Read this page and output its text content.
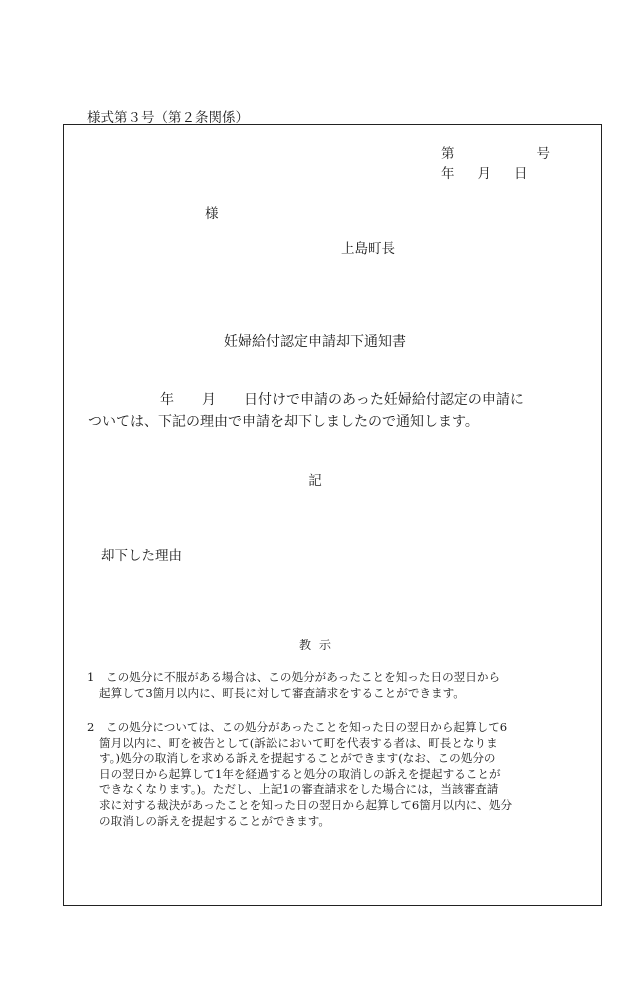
様式第３号（第２条関係）
第	号
年 月 日
様
上島町長
妊婦給付認定申請却下通知書
年 月 日付けで申請のあった妊婦給付認定の申請に
ついては、下記の理由で申請を却下しましたので通知します。
記
却下した理由
教示
1　この処分に不服がある場合は、この処分があったことを知った日の翌日から
起算して3箇月以内に、町長に対して審査請求をすることができます。
2　この処分については、この処分があったことを知った日の翌日から起算して6
箇月以内に、町を被告として(訴訟において町を代表する者は、町長となりま
す。)処分の取消しを求める訴えを提起することができます(なお、この処分の
日の翌日から起算して1年を経過すると処分の取消しの訴えを提起することが
できなくなります。)。ただし、上記1の審査請求をした場合には，当該審査請
求に対する裁決があったことを知った日の翌日から起算して6箇月以内に、処分
の取消しの訴えを提起することができます。
